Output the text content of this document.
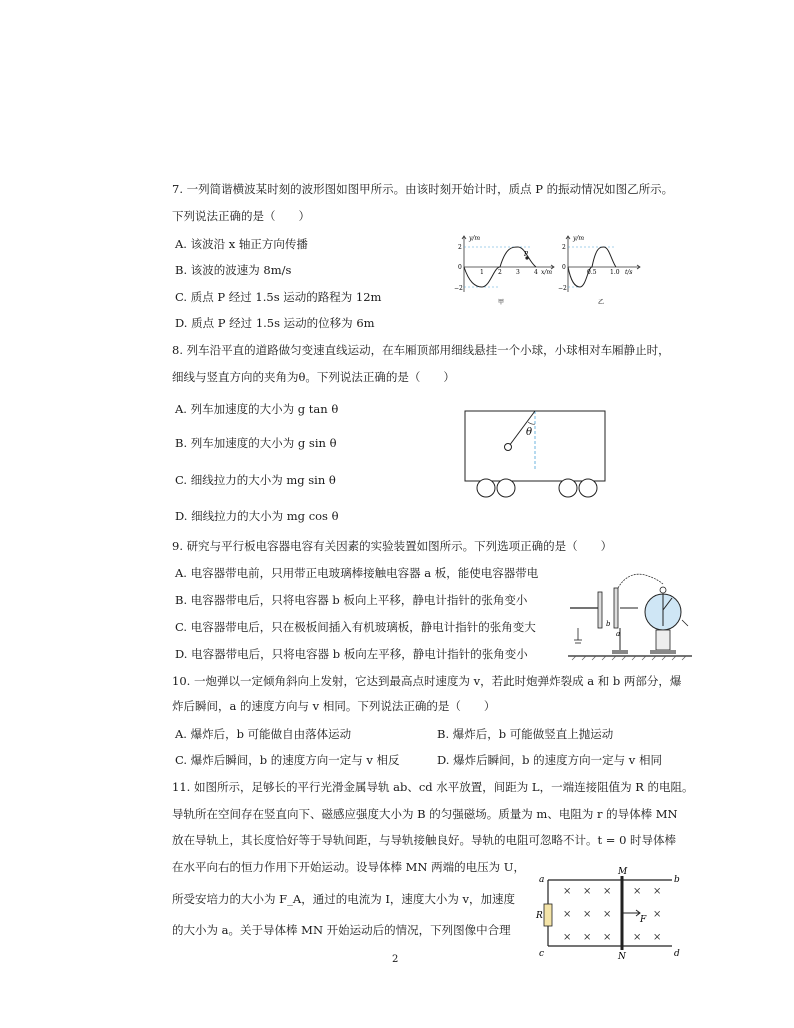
7. 一列简谐横波某时刻的波形图如图甲所示。由该时刻开始计时，质点 P 的振动情况如图乙所示。
下列说法正确的是（　　）
A. 该波沿 x 轴正方向传播
B. 该波的波速为 8m/s
C. 质点 P 经过 1.5s 运动的路程为 12m
D. 质点 P 经过 1.5s 运动的位移为 6m
y/m
2
0
−2
1 2 3 4 x/m
P
甲
y/m
2
0
−2
0.5 1.0 t/s
乙
8. 列车沿平直的道路做匀变速直线运动，在车厢顶部用细线悬挂一个小球，小球相对车厢静止时，
细线与竖直方向的夹角为θ。下列说法正确的是（　　）
A. 列车加速度的大小为 g tan θ
B. 列车加速度的大小为 g sin θ
C. 细线拉力的大小为 mg sin θ
D. 细线拉力的大小为 mg cos θ
θ
9. 研究与平行板电容器电容有关因素的实验装置如图所示。下列选项正确的是（　　）
A. 电容器带电前，只用带正电玻璃棒接触电容器 a 板，能使电容器带电
B. 电容器带电后，只将电容器 b 板向上平移，静电计指针的张角变小
C. 电容器带电后，只在极板间插入有机玻璃板，静电计指针的张角变大
D. 电容器带电后，只将电容器 b 板向左平移，静电计指针的张角变小
b
a
10. 一炮弹以一定倾角斜向上发射，它达到最高点时速度为 v，若此时炮弹炸裂成 a 和 b 两部分，爆
炸后瞬间，a 的速度方向与 v 相同。下列说法正确的是（　　）
A. 爆炸后，b 可能做自由落体运动	B. 爆炸后，b 可能做竖直上抛运动
C. 爆炸后瞬间，b 的速度方向一定与 v 相反	D. 爆炸后瞬间，b 的速度方向一定与 v 相同
11. 如图所示，足够长的平行光滑金属导轨 ab、cd 水平放置，间距为 L，一端连接阻值为 R 的电阻。
导轨所在空间存在竖直向下、磁感应强度大小为 B 的匀强磁场。质量为 m、电阻为 r 的导体棒 MN
放在导轨上，其长度恰好等于导轨间距，与导轨接触良好。导轨的电阻可忽略不计。t = 0 时导体棒
在水平向右的恒力作用下开始运动。设导体棒 MN 两端的电压为 U，
所受安培力的大小为 F_A，通过的电流为 I，速度大小为 v，加速度
的大小为 a。关于导体棒 MN 开始运动后的情况，下列图像中合理
× × × × ×
× × ×	×
× × × × ×
a	b
c	d
M
N
R	F
2
